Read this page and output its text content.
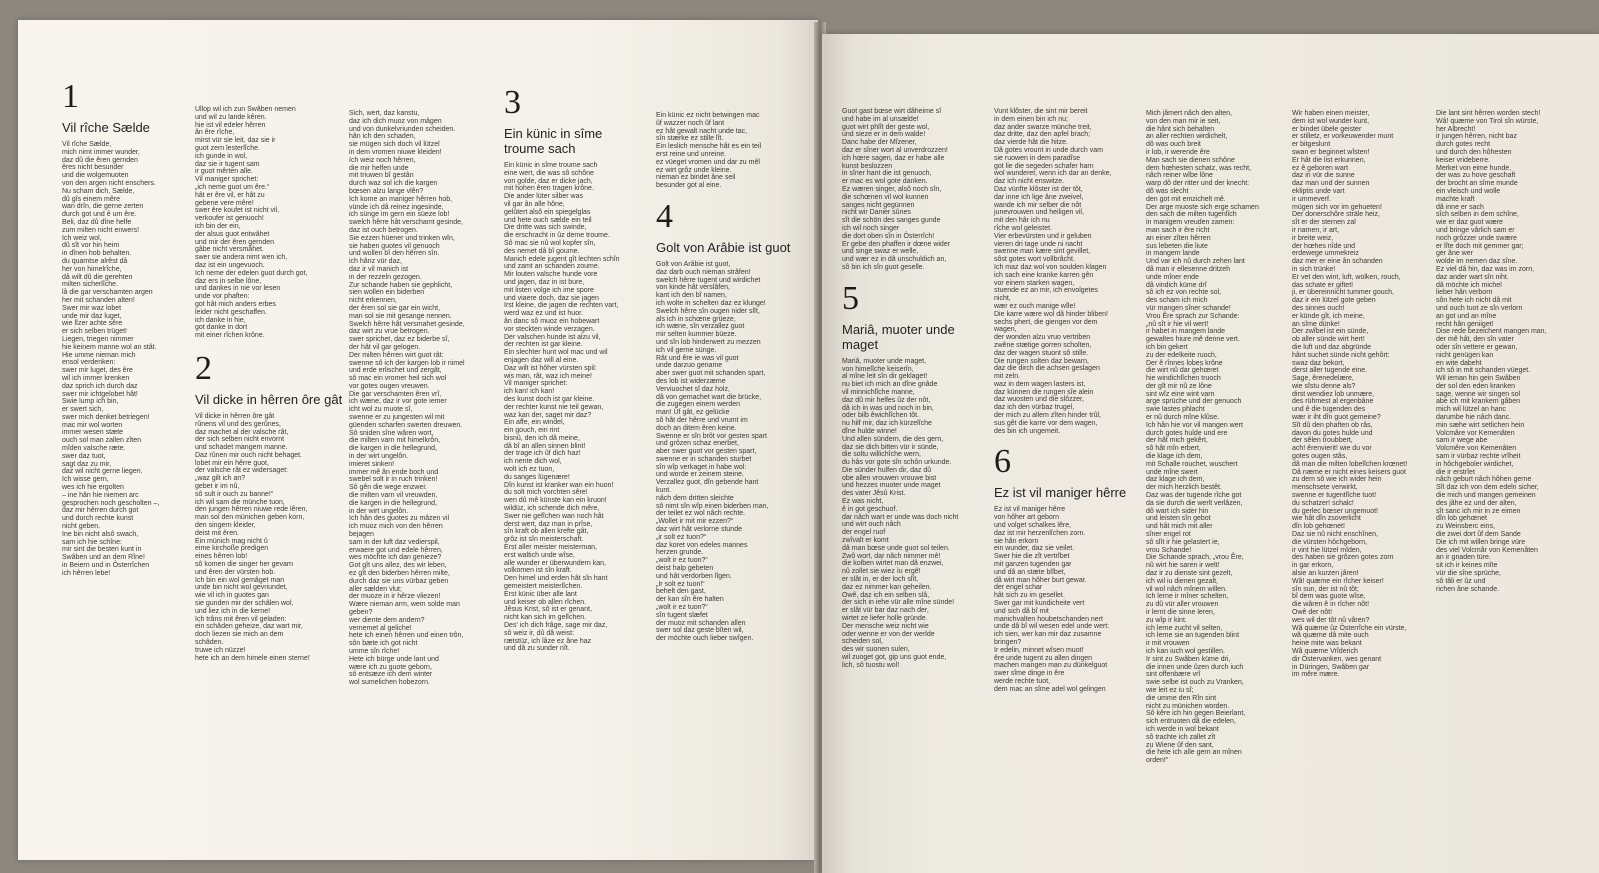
1
Vil rîche Sælde
Vil rîche Sælde,
mich nimt immer wunder,
daz dû die êren gernden
êres nicht besunder
und die wolgemuoten
von den argen nicht enschers.
Nu scham dich, Sælde,
dû gîs einem mêre
wan drîn, die gerne zerten
durch got und ê um êre.
Beli, daz dû dîne helfe
zum milten nicht enwers!
Ich weiz wol,
dû sît vor hin heim
in dînen hob behalten.
du quamtse alrêst då
her von himelrîche,
då wilt dû die gerehten
milten sicherlîche.
lå die gar verschamten argen
her mit schanden alten!
Swer mir waz lobet
unde mir daz luget,
wie lîzer achte sêre
er sich selben trüget!
Liegen, triegen nimmer
hie keinem manne wol an stât.
Hie umme nieman mich
ensol verdenken:
swer mir luget, des êre
wil ich immer krenken
daz sprich ich durch daz
swer mir ichtgelobet hât!
Swie lump ich bin,
er swert sich,
swer mich denket betriegen!
mac mir wol worten
immer wesen stæte
ouch sol man zallen zîten
mîden valsche ræte.
swer daz tuot,
sagt daz zu mir,
daz wil nicht gerne liegen.
Ich wisse gern,
wes ich hie ergolten
– ine hân hie niemen arc
gesprochen noch gescholten –,
daz mir hêrren durch got
und durch rechte kunst
nicht geben.
Ine bin nicht alsô swach,
sam ich hie schîne:
mir sint die besten kunt in
Swâben und an dem Rîne!
in Beiern und in Ôsterrîchen
ich hêrren lebe!
Ullop wil ich zun Swâben nemen
und wil zu lande kêren.
hie ist vil edeler hêrren
ân êre rîche,
mirst vür sie leit, daz sie ir
guot zern lesterlîche.
ich gunde in wol,
daz sie ir tugent sam
ir guot mêrten alle.
Vil maniger sprichet:
„ich neme guot um êre.“
hât er êre vil, er hât zu
gebene vere mêre!
swer êre koufet ist nicht vil,
verkoufer ist genuoch!
ich bin der ein,
der alsus guot entwâhet
und mir der êren gernden
gâbe nicht versmâhet.
swer sie andera nimt wen ich,
daz ist ein ungevuoch.
Ich neme der edelen guot durch got,
daz ers in selbe lône,
und dankes in nie vor lesen
unde vor phaften:
got hât mich anders erbes
leider nicht geschaffen.
ich danke in hie,
got danke in dort
mit einer rîchen krône.
2
Vil dicke in hêrren ôre gât
Vil dicke in hêrren ôre gât
rûnens vil und des gerûnes,
daz machet al der valsche rât,
der sich selben nicht envornt
und schadet mangem manne.
Daz rûnen mir ouch nicht behaget.
lobet mir ein hêrre guot,
der valsche rât ez widersaget:
„waz gilt ich an?
gebet ir im nû,
sô sult ir ouch zu banne!“
ich wil sam die münche tuon,
den jungen hêrren niuwe rede lêren,
man sol den münichen geben korn,
den singern kleider,
deist mit êren.
Ein münich mag nicht û
eime kirchoße predigen
eines hêrren lob!
sô komen die singer her gevarn
und êren der vürsten hob.
Ich bin ein wol gemâget man
unde bin nicht wol gevriundet,
wie vil ich in guotes gan
sie gunden mir der schâlen wol,
und liez ich in die kerne!
Ich trâns mit êren vil geladen:
ein schâden geheize, daz wart mir,
doch liezen sie mich an dem
schâden.
truwe ich nüzze!
hete ich an dem himele einen sterne!
Sich, wert, daz kanstu,
daz ich dich muoz von mâgen
und von dunkelvriunden scheiden.
hân ich den schaden,
sie mügen sich doch vil lützel
in dem vromen niuwe kleiden!
Ich weiz noch hêrren,
die mir helfen unde
mit triuwen bî gestân
durch waz sol ich die kargen
bœsen alzu lange vlên?
Ich kome an maniger hêrren hob,
vünde ich dâ reinez ingesinde,
ich sünge im gern ein süeze lob!
swelch hêrre hât verschamt gesinde,
daz ist ouch betrogen.
Sie ezzen hüener und trinken wîn,
sie haben guotes vil genuoch
und wollen bî den hêrren sîn.
ich hânz vür daz,
daz ir vil manich ist
in der rezzeln gezogen.
Zur schande haben sie gephlicht,
sien wollen ein biderben
nicht erkennen,
der êren sol sie gar ein wicht,
man sol sie mit gesange nennen.
Swelch hêrre hât versmahet gesinde,
daz wirt zu vrue betrogen.
swer sprichet, daz ez biderbe sî,
der hât vil gar gelogen.
Der milten hêrren wirt guot rât:
swenne sô ich der kargen lob ir nimel
und erde erlischet und zergât,
sô mac ein vromer heil sich wol
vor gotes ougen vreuwen.
Die gar verschamten êren vrî,
ich wæne, daz ir vor gote iemer
icht wol zu muote sî,
swenne er zu jungesten wil mit
güenden scharfen swerten dreuwen.
Sô sniden sîne wâren wort,
die milten varn mit himelkrôn,
die kargen in die hellegrund,
in der wirt ungelôn.
imieret sinken!
immer mê ân ende boch und
swebel solt ir in ruch trinken!
Sô gên die wege enzwei:
die milten varn vil vreuwden,
die kargen in die hellegrund,
in der wirt ungelôn.
Ich hân des guotes zu mâzen vil
ich muoz mich von den hêrren
bejagen
sam in der luft daz vedierspil,
erwaere got und edele hêrren,
wes möchte ich dan genieze?
Got gît uns allez, des wir leben,
ez gît den biderben hêrren milte,
durch daz sie uns vürbaz geben
aller sælden vlut;
der muoze in ir hêrze vliezen!
Wære nieman arm, wem solde man
geben?
wer diente dem andern?
vernemet al geliche!
hete ich einen hêrren und einen trôn,
sôn bæte ich got nicht
umme sîn rîche!
Hete ich bürge unde lant und
wære ich zu guote geborn,
sô entsæze ich dem winter
wol sumelichen hobezorn.
3
Ein künic in sîme troume sach
Ein künic in sîme troume sach
eine wert, die was sô schône
von golde, daz er dicke jach,
mit hohen êren tragen krône.
Die ander lüter silber was
vil gar ân alle hône,
gelûtert alsô ein spiegelglas
und hete ouch sælde ein teil
Die dritte was sich swinde,
die erschracht in ûz deme troume.
Sô mac sie nû wol kopfer sîn,
des nemet dâ bî goume.
Manich edele jugent gît lechten schîn
und zamt an schanden zoume.
Mir louten valsche hunde vore
und jagen, daz in ist bure,
mit listen volge ich ime spore
und viaere doch, daz sie jagen
Irst kleine, die jagen die rechten vart,
werd waz ez und ist huor.
ân danc sô muoz ein hobewart
vor steckten winde verzagen.
Der valschen hunde ist alzu vil,
der rechten ist gar kleine.
Ein slechter hunt wol mac und wil
enjagen daz will al eine.
Daz wilt ist hôher vürsten spil:
wis man, rât, waz ich meine!
Vil maniger sprichet:
ich kan! ich kan!
des kunst doch ist gar kleine.
der rechter kunst nie teil gewan,
waz kan der, saget mir daz?
Ein affe, ein windel,
ein gouch, ein rint
bisnû, den ich dâ meine,
dâ bî an allen sinnen blint!
der trage ich ûf dich haz!
ich nente dich wol,
wolt ich ez tuon,
du sanges lügenære!
Dîn kunst ist kranker wan ein huon!
du solt mich vorchten sêre!
wen dû mê künste kan ein kruon!
wildüz, ich schende dich mêre,
Swer nie gefîchen wan noch hât
derst wert, daz man in prîse,
sîn kraft ob allen krefte gât,
grôz ist sîn meisterschaft.
Erst aller meister meisterman,
erst waltich unde wîse,
alle wunder er überwundern kan,
volkomen ist sîn kraft.
Den himel und erden hât sîn hant
gemeistert meisterlîchen.
Erst künic über alle lant
und keiser ob allen rîchen.
Jêsus Krist, sô ist er genant,
nicht kan sich im gelîchen.
Des' ich dich frâge, sage mir daz,
sô weiz ir, dû dâ weist:
rætstüz, ich lâze ez âne haz
und dâ zu sunder nît.
Ein künic ez nicht betwingen mac
ûf wazzer noch ûf lant
ez hât gewalt nacht unde tac,
sîn stærke ez stille lît.
Ein leslich mensche hât es ein teil
erst reine und unreine.
ez vüeget vromen und dar zu mêl
ez wirt grôz unde kleine.
nieman ez bindet âne seil
besunder got al eine.
4
Golt von Arâbie ist guot
Golt von Arâbie ist guot,
daz darb ouch nieman strâfen!
swelch hêrre tugent und wirdichet
von kinde hât verslâfen,
kant ich den bî namen,
ich wolte in schelten daz ez klunge!
Swelch hêrre sîn ougen nider slît,
als ich in schœne grüeze,
ich wæne, sîn verzallez guot
mir selten kummer büeze.
und sîn lob hinderwert zu mezzen
ich vil gerne sünge.
Rât und êre ie was vil guot
unde darzuo gename
aber swer guot mit schanden spart,
des lob ist widerzæme
Verviuochet sî daz holz,
dâ von gemachet wart die brücke,
die zugegen einem werden
man! Ûf gât, ez gelücke
sô hât der hêrre und vrumt im
doch an ditem êren keine.
Swenne er sîn brôt vor gesten spart
und grôzen schaz enerbet,
aber swer guot vor gesten spart,
swenne er in schanden sturbet
sîn wîp verkaget in habe wol:
und worde er zeinem steine.
Verzallez guot, dîn gebende hant
kunt.
nâch dem dritten sleichte
sô nimt sîn wîp einen biderben man,
der teilet ez wol nâch rechte.
„Wollet ir mit mir ezzen?“
daz wirt hât verlorne stunde
„ir solt ez tuon?“
daz koret von edeles mannes
herzen grunde.
„wolt ir ez tuon?“
deist halp gebeten
und hât verdorben lîgen.
„Ir solt ez tuon!“
behelt den gast,
der kan sîn êre halten
„wolt ir ez tuon?“
sîn tugent slæfet
der muoz mit schanden allen
swer sol daz geste bîten wil,
der möchte ouch lieber swîgen.
Guot gast bœse wirt dâheime sî
und habe im al unsælde!
guot wirt phlît der geste wol,
und sieze er in dem walde!
Danc habe der Mîzener,
daz er sîner wort al unverdrozzen!
ich hœre sagen, daz er habe alle
kunst beslozzen
in sîner hant die ist genuoch,
er mac es wol gote danken.
Ez wæren singer, alsô noch sîn,
die schœnen vil wol kunnen
sanges nicht gegünnen
nicht wir Danier sûnes
sît die schön des sanges gunde
ich wil noch singer
die dort oben sîn in Ôsterrîch!
Er gebe den phaffen ir dœne wider
und singe swaz er welle,
und wær ez in dâ unschuldich an,
sô bin ich sîn guot geselle.
5
Mariâ, muoter unde maget
Mariâ, muoter unde maget,
von himelîche keiserîn,
al mîne leit sîn dir geklaget!
nu biet ich mich an dîne gnâde
vil minnichlîche manne,
daz dû mir helfes ûz der nôt,
dâ ich in was und noch in bin,
oder bilb êwichlîchen tôt.
nu hilf mir, daz ich kürzelîche
dîne hulde winne!
Und allen sündern, die des gern,
daz sie dich bitten vür ir sünde,
die soltu willichîche wern,
du hâs vor gote sîn schôn urkunde.
Die sünder hulfen dir, daz dû
obe allen vrouwen vrouwe bist
und hezzes muoter unde maget
des vater Jêsû Krist.
Ez was nicht,
ê in got geschuof.
dar nâch wart er unde was doch nicht
und wirt ouch nâch
der engel ruof
zwîvalt er komt
dâ man bœse unde guot sol teilen.
Zwô wort, dar nâch nimmer mê!
die kolben wirtet man dâ enzwei,
nû zollet sie wiez ìu ergê!
er slât in, er der loch slît,
daz ez nimmer kan geheilen.
Owê, daz ich ein selben slâ,
der sich in iehe vür alle mîne sünde!
er slât vür bar daz nach der,
wirtet ze liefer holle gründe.
Der mensche weiz nicht wie
oder wenne er von der werlde
scheiden sol,
des wir suonen sulen,
wil zuoget got, gip uns guot ende,
lich, sô tuostu wol!
Vunt klôster, die sint mir bereit
in dem einen bin ich nu;
daz ander swarze münche treit,
daz dritte, daz den apfel brach;
daz vierde hât die hitze.
Dâ gotes vrount in unde durch vam
sie ruowen in dem paradîse
got lie die segeden schafer harn
wol wunderet, wenn ich dar an denke,
daz ich nicht enswitze.
Daz vünfte klôster ist der tôt,
dar inne ich lige âne zweivel,
wande ich mir selber die nôt
junevrouwen und heiligen vil,
mit den hâr ich nu
rîche wol geleistet.
Vier erbevürsten und ir geluben
vieren dri tage unde ni nacht
swenne man kære sint gevillet,
sôst gotes wort vollbrâcht.
Ich maz daz wol von soulden klagen
ich sach eine kranke karren gên
vor einem starken wagen,
stuende ez an mir, ich envolgetes
nicht,
wær ez ouch manige wîle!
Die karre wære wol dâ hinder bliben!
sechs phert, die giengen vor dem
wagen,
der wonden alzu vruo vertriben
zwêne stætige gorren scholten,
daz der wagen stuont sô stille.
Die rungen solten daz bewarn,
daz die dirch die achsen geslagen
mit zeln.
waz in dem wagen lasters ist,
daz künnen die rungen sîe alein
daz wuosten und die slôzzer,
daz ich den vürbaz trugel,
der mich zu allem zîten hinder trûl,
sus gêt die karre vor dem wagen,
des bin ich ungemeit.
6
Ez ist vil maniger hêrre
Ez ist vil maniger hêrre
von hôher art geborn
und volget schalkes lêre,
daz ist mir herzenlîchen zorn.
sie hân erkorn
ein wunder, daz sie veilet.
Swer hie die zît vertrîbet
mit ganzen tugenden gar
und dâ an stæte blîbet,
dâ wirt man hôher burt gewar.
der engel schar
hât sich zu im gesellet.
Swer gar mit kundicheite vert
und sich dâ bî mit
manichvalten houbetschanden nert
unde dâ bî wil wesen edel unde wert:
ich sien, wer kan mir daz zusamne
bringen?
Ir edelin, minnet wîsen muot!
êre unde tugent zu allen dingen
machen mangen man zu dünkelguot
swer sîme dinge in êre
werde rechte tuot,
dem mac an sîme adel wol gelingen
Mich jâmert nâch den alten,
von den man mir ie seit,
die hânt sich behalten
an aller rechten wirdichelt,
dô was ouch breit
ir lob, ir werende êre
Man sach sie dienen schône
dem hœhesten schatz, was recht,
nâch reiner wîbe lône
warp dô der ritter und der knecht:
dô was slecht
den got mit emzichelt mê.
Der arge muoste sich erge schamen
den sach die milten tugenlîch
in manigem vreuden zamen:
man sach ir êre richt
an einer zîten hêrren
sus lebeten die liute
in mangem lande
Und var ich nû durch zehen lant
dâ man ir ellesenne dritzeh
unde mîner ende
dâ vindich küme drî
sô ich ez von rechte sol,
des scham ich mich
vür mangen sîner schande!
Vrou Êre sprach zur Schande:
„nû sît ir hie vil wert!
ir habet in mangem lande
gewaltes hiure mê denne vert.
ich bin gekert
zu der edelkeite ruoch,
Der ê rînnes lobes krône
die wirt nû dar gehœret
hie windichlîchen truoch
der gît mir nû ze lône
sint wîz eine wint varn
arge sprüche und der genuoch
swie lastes phlacht
er nû durch mîne klûse.
Ich hân hie vor vil mangen wert
durch gotes hulde und ere
der hât mich gekêrt,
sô hât mîn erbert,
die klage ich dem,
mit Schalle rouchet, wuschert
unde mîne swert
daz klage ich dem,
der mich herzlich bestêt.
Daz was der tugende rîche got
da sie durch die werlt verlâzen,
dô wart ich sider hin
und leisten sîn gebot
und hât mich mit aller
sîner engel rot
sô slît ir hie gelastert ie,
vrou Schande!
Die Schande sprach, „vrou Êre,
nû wirt hie saren ir welt!
daz ir zu dienste sint gezelt,
ich wil iu dienen gezalt,
vil wol nâch mînem willen.
Ich lerne ir mîner schelten,
zu dû vür aller vrouwen
ir lernt die sinne leren,
zu wîp ir kint.
ich lerne zucht vil selten,
ich lerne sie an tugenden blint
ir mit vrouwen
ich kan iuch wol gestillen.
Ir sint zu Swâben küme dri,
die innen unde ûzen durch iuch
sint offenbære vrî
swie selbe ist ouch zu Vranken,
wie leit ez iu sî;
die umme den Rîn sint
nicht zu münichen worden.
Sô kêre ich hin gegen Beierlant,
sich entruoten dâ die edelen,
ich werde in wol bekant
sô trachte ich zallet zît
zu Wiene ûf den sant,
die hete ich alle gern an mînen
orden!“
Wir haben einen meister,
dem ist wol wunder kunt,
er bindet übele geister
er stilletz, er vorkeuwender munt
er bitgeslunt
swan er beginnet wîsten!
Er hât die list erkunnen,
ez ê geboren wart
daz in vür die sunne
daz man und der sunnen
ekliptis unde vart
ir ummeverf.
mügen sich vor im gehueten!
Der donerschôre sträle heiz,
sît er der sternen zal
ir namen, ir art,
ir breite weiz,
der hœhes nîde und
erdewege ummekreiz
daz mer er eine ân schanden
in sich trünke!
Er vet den wint, luft, wolken, rouch,
das schate er giftet!
ji, er übereinnicht tummer gouch,
daz ir ein lützel gote geben
des sinnes ouch!
er künde gît, ich meine,
an sîme dünke!
Der zwîbel ist ein sünde,
ob aller sünde wirt hert!
die luft und daz abgründe
hânt suchet sünde nicht gehôrt:
swaz daz bekort,
derst aller tugende eine.
Sage, êrenedelære,
wie sîstu denne als?
dirst wendiez lob unmære,
des rühmest al ergenbâne
und ê die tugenden des
wær ir iht dîn guot gemeine?
Sît dû den phaften ob râs,
davon du gotes hulde und
der sêlen troubbert,
ach! êrenvierit! wie du vor
gotes ougen stâs,
dâ man die milten lobelîchen krœnet!
Dâ næme er nicht eines keisers guot
zu dem sô wie ich wider hein
menschsete verwirkt,
swenne er tugentlîche tuot!
du schatzer! schalc!
du gerlec bœser ungemuot!
wie hât dîn zsoverlicht
dîn lob gehœnet!
Daz sie nû nicht enschînen,
die vürsten hôchgeborn,
ir vint hie lützel mîden,
des haben sie grôzen gotes zorn
in gar erkorn,
alsie an kurzen jâren!
Wâ! quæme ein rîcher keiser!
sîn sun, der ist nû tôt;
bî dem was guote wîse,
die wâren ê in rîcher nôt!
Owê der nôt!
wes wil der tôt nû vâren?
Wâ quæme ûz Ôsterrîche ein vürste,
wâ quæme dâ mite ouch
heine mite was bekant
Wâ quæme Vrîderich
dir Ôstervanken, wes genant
in Düringen, Swâben gar
im mêre mære.
Die lant sint hêrren worden stech!
Wâ! quæme von Tirol sîn würste,
her Albrecht!
ir jungen hêrren, nicht baz
durch gotes recht
und durch den hôhesten
keiser vrideberre.
Merket von eime hunde,
der was zu hove geschaft
der brocht an sîme munde
ein vleisch und wolle
machte kraft
dâ inne er sach
sîch selben in dem schîne,
wie er daz guot wære
und bringe vârlich sam er
noch grôzzer unde swære
er lîte doch mit gemmer gar;
ger âne wer
wolde im nemen daz sîne.
Ez viel dâ hin, daz was im zorn,
daz ander wart sîn niht.
dâ möchte ich michel
lieber hân verborn
sôn hete ich nicht dâ mit
und ouch tuot ze sîn verlorn
an got und an mîne
recht hân geniiget!
Dise rede bezeichent mangen man,
der mê hât, den sîn vater
oder sîn vettere er gewan,
nicht genügen kan
en wite dabeht
ich sô in mit schanden vüeget.
Wil ieman hin gein Swâben
der sol den eden kranken
sage, wenne wir singen sol
abe ich mit krankem gâben
mich wil lützel an hanc
darumbe hie nâch danc.
min sæhe wirt setlichen hein
Volcmâre vor Kemenâten
sam ir wege abe
Volcmêre von Kemenâten
sam ir vürbaz rechte vrîheit
in hôchgeboler wirdichet,
die ir erstrîet
nâch geburt nâch hôhen gerne
Sît daz ich von dem edeln sicher,
die mich und mangen gemeinen
des jâhe ez und der alten,
sît sanc ich mir in ze eimen
dîn lob gehœnet
zu Weinsberc eins,
die zwei dort ûf dem Sande
Die ich mit willen bringe vüre
des viel Volcmâr von Kemenâten
an ir gnaden türe.
sit ich ir keines mîte
vür die sîne sprüche,
sô tâli er ûz und
richen âne schande.
